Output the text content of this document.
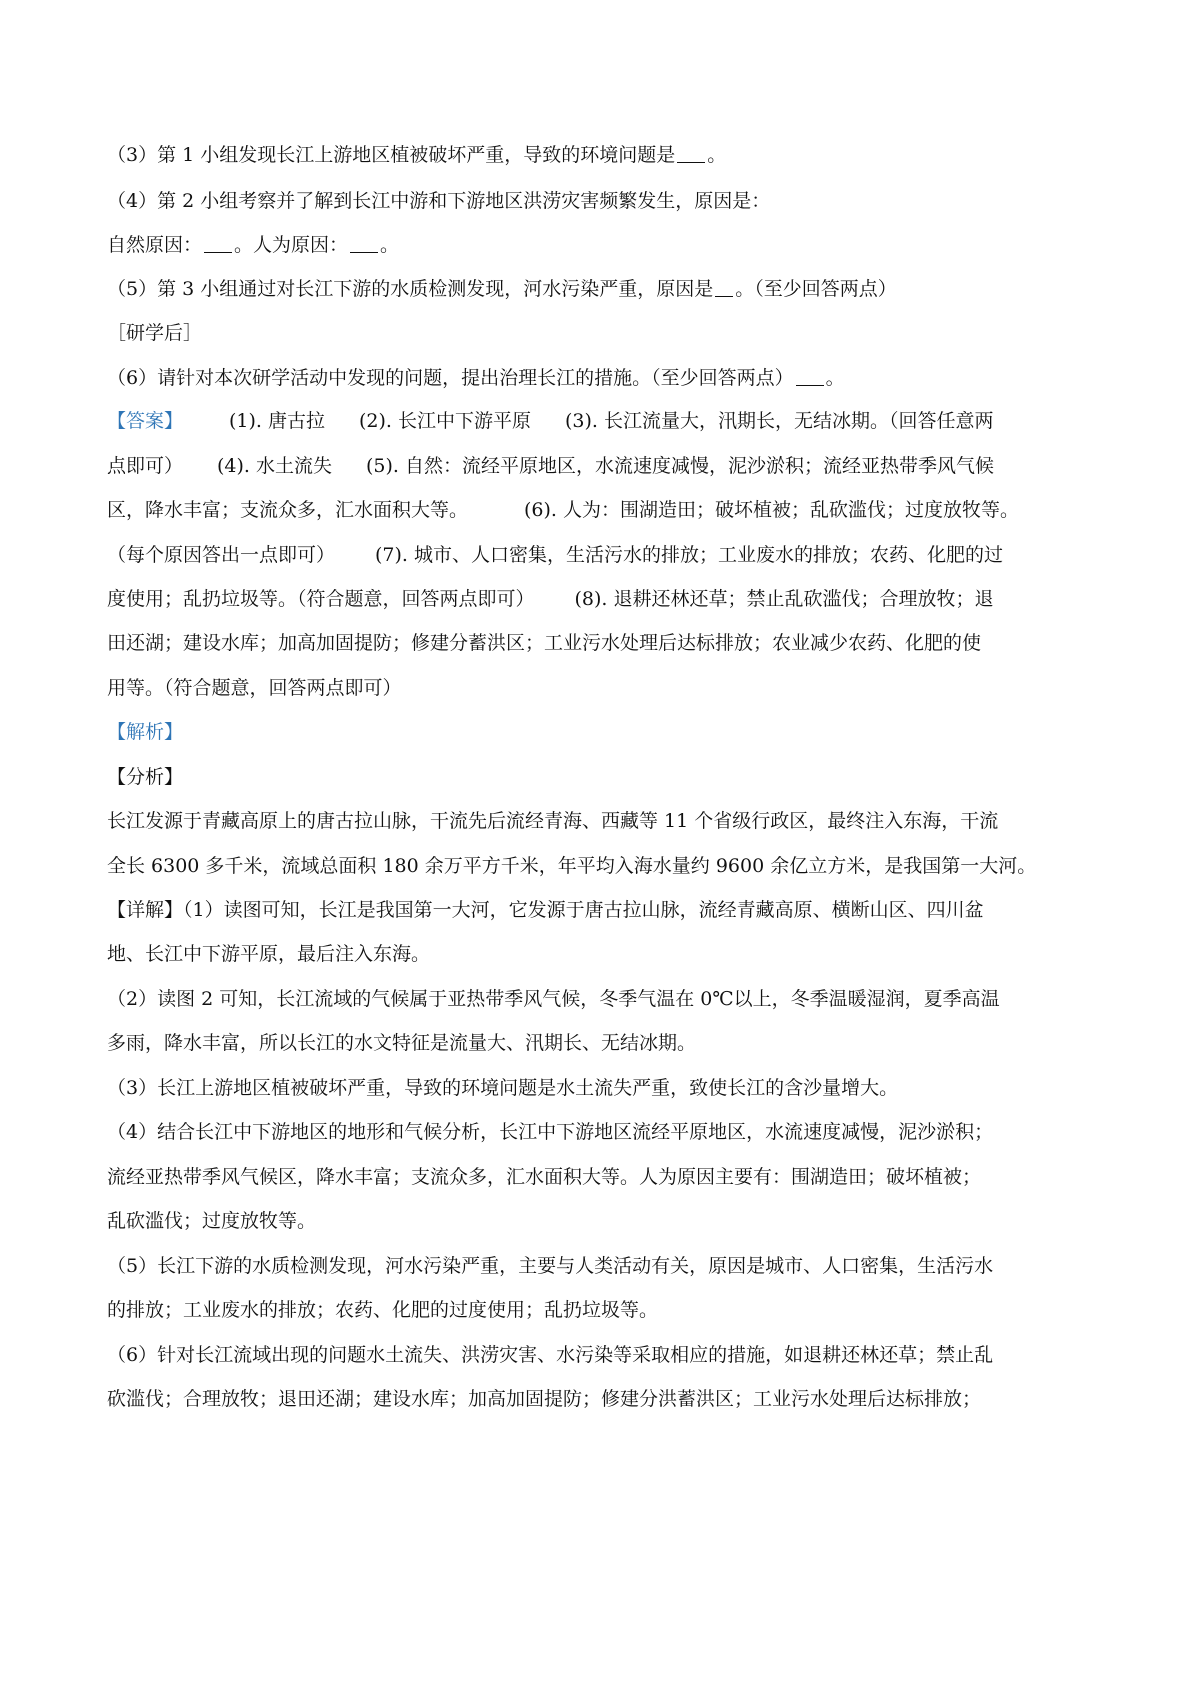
（3）第 1 小组发现长江上游地区植被破坏严重，导致的环境问题是 。
（4）第 2 小组考察并了解到长江中游和下游地区洪涝灾害频繁发生，原因是：
自然原因： 。人为原因： 。
（5）第 3 小组通过对长江下游的水质检测发现，河水污染严重，原因是 。（至少回答两点）
［研学后］
（6）请针对本次研学活动中发现的问题，提出治理长江的措施。（至少回答两点） 。
【答案】 (1). 唐古拉 (2). 长江中下游平原 (3). 长江流量大，汛期长，无结冰期。（回答任意两
点即可） (4). 水土流失 (5). 自然：流经平原地区，水流速度减慢，泥沙淤积；流经亚热带季风气候
区，降水丰富；支流众多，汇水面积大等。	(6). 人为：围湖造田；破坏植被；乱砍滥伐；过度放牧等。
（每个原因答出一点即可） (7). 城市、人口密集，生活污水的排放；工业废水的排放；农药、化肥的过
度使用；乱扔垃圾等。（符合题意，回答两点即可） (8). 退耕还林还草；禁止乱砍滥伐；合理放牧；退
田还湖；建设水库；加高加固提防；修建分蓄洪区；工业污水处理后达标排放；农业减少农药、化肥的使
用等。（符合题意，回答两点即可）
【解析】
【分析】
长江发源于青藏高原上的唐古拉山脉，干流先后流经青海、西藏等 11 个省级行政区，最终注入东海，干流
全长 6300 多千米，流域总面积 180 余万平方千米，年平均入海水量约 9600 余亿立方米，是我国第一大河。
【详解】（1）读图可知，长江是我国第一大河，它发源于唐古拉山脉，流经青藏高原、横断山区、四川盆
地、长江中下游平原，最后注入东海。
（2）读图 2 可知，长江流域的气候属于亚热带季风气候，冬季气温在 0℃以上，冬季温暖湿润，夏季高温
多雨，降水丰富，所以长江的水文特征是流量大、汛期长、无结冰期。
（3）长江上游地区植被破坏严重，导致的环境问题是水土流失严重，致使长江的含沙量增大。
（4）结合长江中下游地区的地形和气候分析，长江中下游地区流经平原地区，水流速度减慢，泥沙淤积；
流经亚热带季风气候区，降水丰富；支流众多，汇水面积大等。人为原因主要有：围湖造田；破坏植被；
乱砍滥伐；过度放牧等。
（5）长江下游的水质检测发现，河水污染严重，主要与人类活动有关，原因是城市、人口密集，生活污水
的排放；工业废水的排放；农药、化肥的过度使用；乱扔垃圾等。
（6）针对长江流域出现的问题水土流失、洪涝灾害、水污染等采取相应的措施，如退耕还林还草；禁止乱
砍滥伐；合理放牧；退田还湖；建设水库；加高加固提防；修建分洪蓄洪区；工业污水处理后达标排放；
